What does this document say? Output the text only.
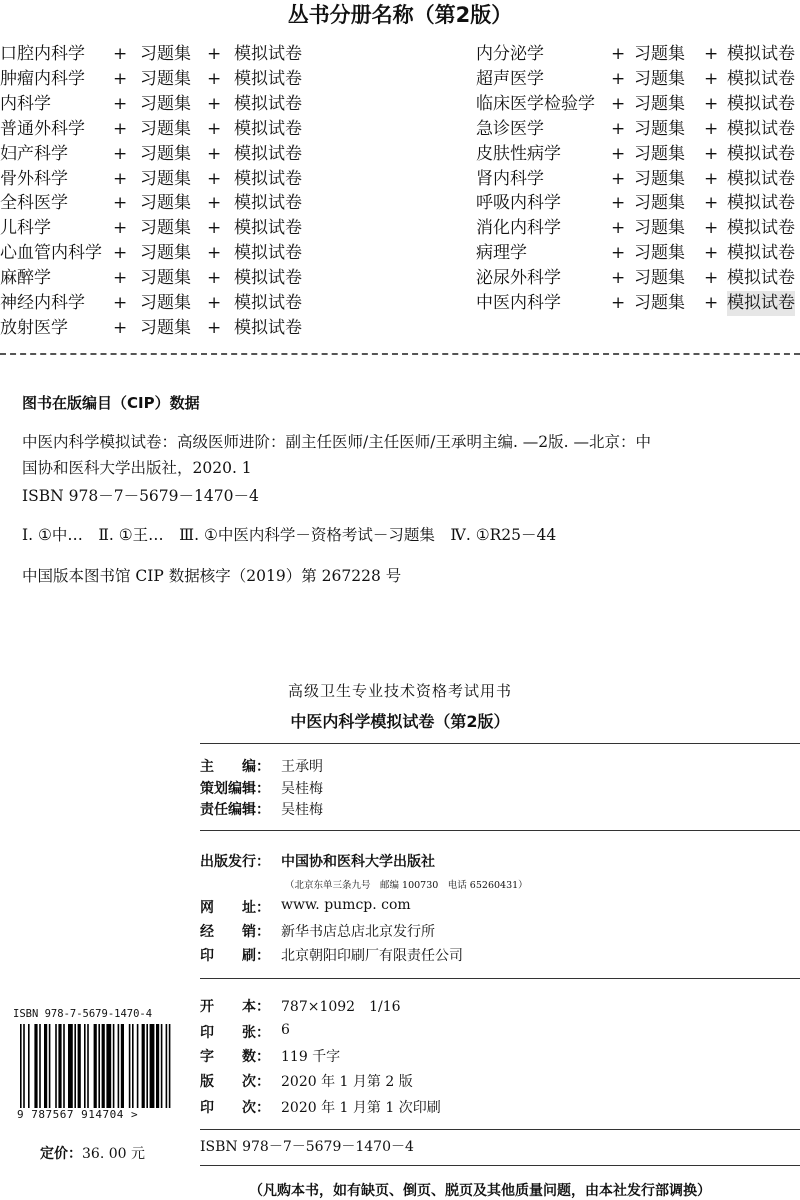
丛书分册名称（第2版）
口腔内科学 + 习题集 + 模拟试卷
肿瘤内科学 + 习题集 + 模拟试卷
内科学	+ 习题集 + 模拟试卷
普通外科学 + 习题集 + 模拟试卷
妇产科学	+ 习题集 + 模拟试卷
骨外科学	+ 习题集 + 模拟试卷
全科医学	+ 习题集 + 模拟试卷
儿科学	+ 习题集 + 模拟试卷
心血管内科学 + 习题集 + 模拟试卷
麻醉学	+ 习题集 + 模拟试卷
神经内科学 + 习题集 + 模拟试卷
放射医学	+ 习题集 + 模拟试卷
内分泌学	+ 习题集 + 模拟试卷
超声医学	+ 习题集 + 模拟试卷
临床医学检验学 + 习题集 + 模拟试卷
急诊医学	+ 习题集 + 模拟试卷
皮肤性病学	+ 习题集 + 模拟试卷
肾内科学	+ 习题集 + 模拟试卷
呼吸内科学	+ 习题集 + 模拟试卷
消化内科学	+ 习题集 + 模拟试卷
病理学	+ 习题集 + 模拟试卷
泌尿外科学	+ 习题集 + 模拟试卷
中医内科学	+ 习题集 + 模拟试卷
图书在版编目（CIP）数据
中医内科学模拟试卷：高级医师进阶：副主任医师/主任医师/王承明主编. —2版. —北京：中
国协和医科大学出版社，2020. 1
ISBN 978－7－5679－1470－4
Ⅰ. ①中…　Ⅱ. ①王…　Ⅲ. ①中医内科学－资格考试－习题集　Ⅳ. ①R25－44
中国版本图书馆 CIP 数据核字（2019）第 267228 号
高级卫生专业技术资格考试用书
中医内科学模拟试卷（第2版）
主　　编： 王承明
策划编辑： 吴桂梅
责任编辑： 吴桂梅
出版发行： 中国协和医科大学出版社
（北京东单三条九号　邮编 100730　电话 65260431）
网　　址： www. pumcp. com
经　　销： 新华书店总店北京发行所
印　　刷： 北京朝阳印刷厂有限责任公司
开　　本： 787×1092　1/16
印　　张： 6
字　　数： 119 千字
版　　次： 2020 年 1 月第 2 版
印　　次： 2020 年 1 月第 1 次印刷
ISBN 978－7－5679－1470－4
ISBN 978-7-5679-1470-4
9 787567 914704 >
定价：36. 00 元
（凡购本书，如有缺页、倒页、脱页及其他质量问题，由本社发行部调换）
